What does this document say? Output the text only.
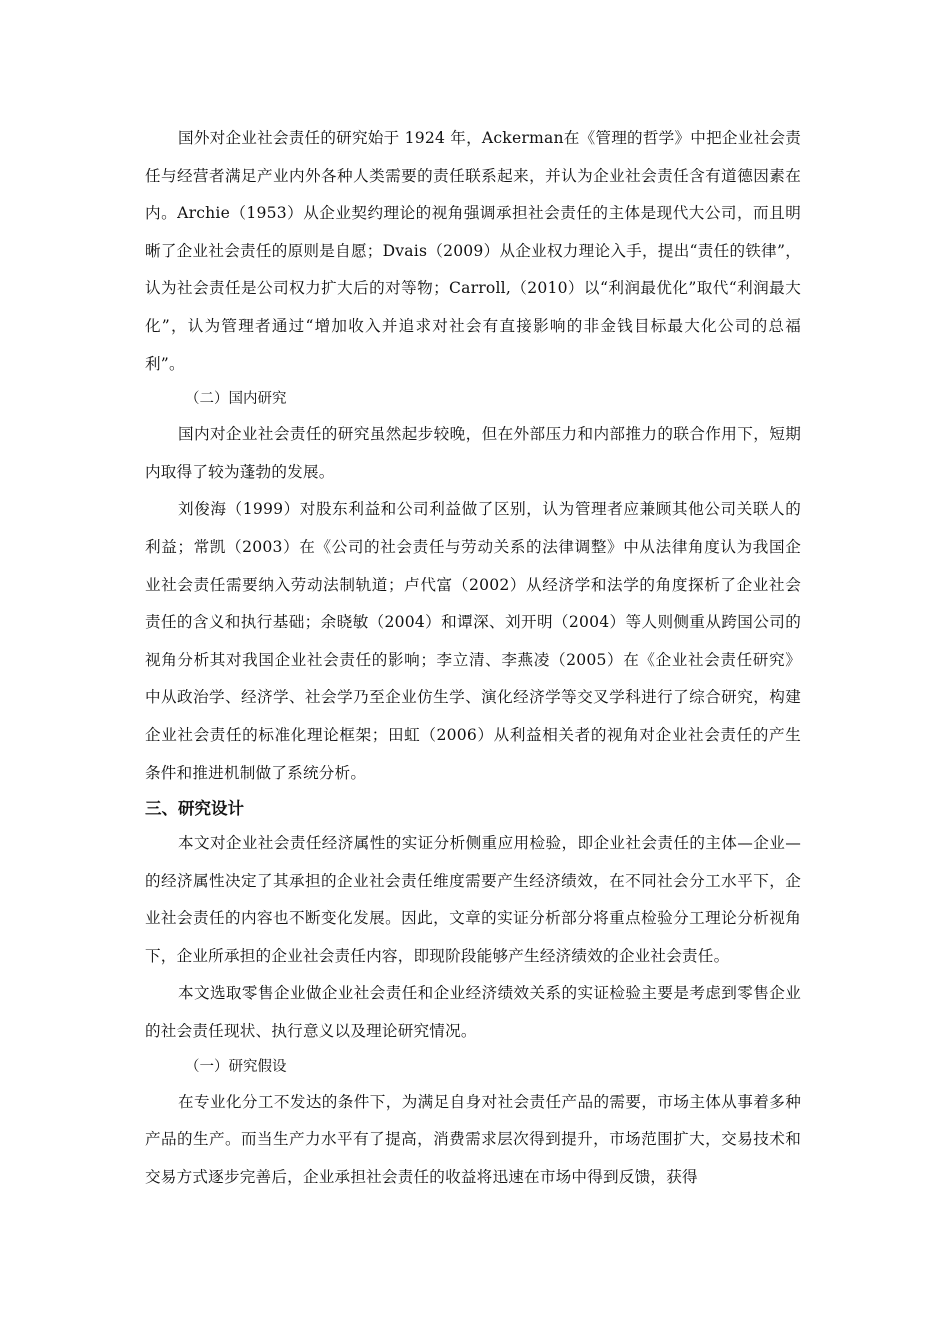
国外对企业社会责任的研究始于 1924 年，Ackerman在《管理的哲学》中把企业社会责任与经营者满足产业内外各种人类需要的责任联系起来，并认为企业社会责任含有道德因素在内。Archie（1953）从企业契约理论的视角强调承担社会责任的主体是现代大公司，而且明晰了企业社会责任的原则是自愿；Dvais（2009）从企业权力理论入手，提出“责任的铁律”，认为社会责任是公司权力扩大后的对等物；Carroll,（2010）以“利润最优化”取代“利润最大化”，认为管理者通过“增加收入并追求对社会有直接影响的非金钱目标最大化公司的总福利”。

（二）国内研究

国内对企业社会责任的研究虽然起步较晚，但在外部压力和内部推力的联合作用下，短期内取得了较为蓬勃的发展。

刘俊海（1999）对股东利益和公司利益做了区别，认为管理者应兼顾其他公司关联人的利益；常凯（2003）在《公司的社会责任与劳动关系的法律调整》中从法律角度认为我国企业社会责任需要纳入劳动法制轨道；卢代富（2002）从经济学和法学的角度探析了企业社会责任的含义和执行基础；余晓敏（2004）和谭深、刘开明（2004）等人则侧重从跨国公司的视角分析其对我国企业社会责任的影响；李立清、李燕凌（2005）在《企业社会责任研究》中从政治学、经济学、社会学乃至企业仿生学、演化经济学等交叉学科进行了综合研究，构建企业社会责任的标准化理论框架；田虹（2006）从利益相关者的视角对企业社会责任的产生条件和推进机制做了系统分析。

三、研究设计

本文对企业社会责任经济属性的实证分析侧重应用检验，即企业社会责任的主体—企业—的经济属性决定了其承担的企业社会责任维度需要产生经济绩效，在不同社会分工水平下，企业社会责任的内容也不断变化发展。因此，文章的实证分析部分将重点检验分工理论分析视角下，企业所承担的企业社会责任内容，即现阶段能够产生经济绩效的企业社会责任。

本文选取零售企业做企业社会责任和企业经济绩效关系的实证检验主要是考虑到零售企业的社会责任现状、执行意义以及理论研究情况。

（一）研究假设

在专业化分工不发达的条件下，为满足自身对社会责任产品的需要，市场主体从事着多种产品的生产。而当生产力水平有了提高，消费需求层次得到提升，市场范围扩大，交易技术和交易方式逐步完善后，企业承担社会责任的收益将迅速在市场中得到反馈，获得
